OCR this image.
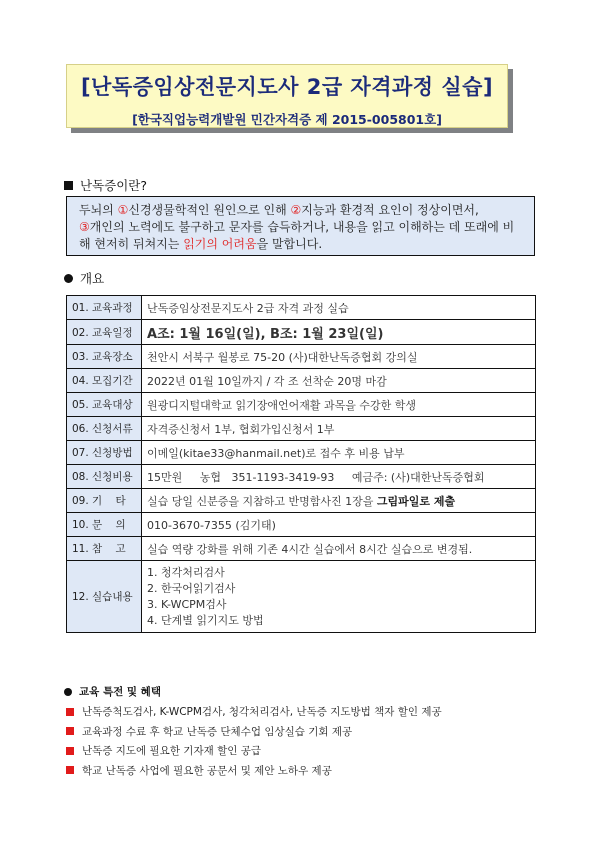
[난독증임상전문지도사 2급 자격과정 실습]
[한국직업능력개발원 민간자격증 제 2015-005801호]
난독증이란?
두뇌의 ①신경생물학적인 원인으로 인해 ②지능과 환경적 요인이 정상이면서,
③개인의 노력에도 불구하고 문자를 습득하거나, 내용을 읽고 이해하는 데 또래에 비해 현저히 뒤쳐지는 읽기의 어려움을 말합니다.
개요
01. 교육과정	난독증임상전문지도사 2급 자격 과정 실습
02. 교육일정	A조: 1월 16일(일), B조: 1월 23일(일)
03. 교육장소	천안시 서북구 월봉로 75-20 (사)대한난독증협회 강의실
04. 모집기간	2022년 01월 10일까지 / 각 조 선착순 20명 마감
05. 교육대상	원광디지털대학교 읽기장애언어재활 과목을 수강한 학생
06. 신청서류	자격증신청서 1부, 협회가입신청서 1부
07. 신청방법	이메일(kitae33@hanmail.net)로 접수 후 비용 납부
08. 신청비용	15만원     농협   351-1193-3419-93     예금주: (사)대한난독증협회
09. 기    타	실습 당일 신분증을 지참하고 반명함사진 1장을 그림파일로 제출
10. 문    의	010-3670-7355 (김기태)
11. 참    고	실습 역량 강화를 위해 기존 4시간 실습에서 8시간 실습으로 변경됨.
12. 실습내용	1. 청각처리검사
2. 한국어읽기검사
3. K-WCPM검사
4. 단계별 읽기지도 방법
교육 특전 및 혜택
난독증척도검사, K-WCPM검사, 청각처리검사, 난독증 지도방법 책자 할인 제공
교육과정 수료 후 학교 난독증 단체수업 임상실습 기회 제공
난독증 지도에 필요한 기자재 할인 공급
학교 난독증 사업에 필요한 공문서 및 제안 노하우 제공
